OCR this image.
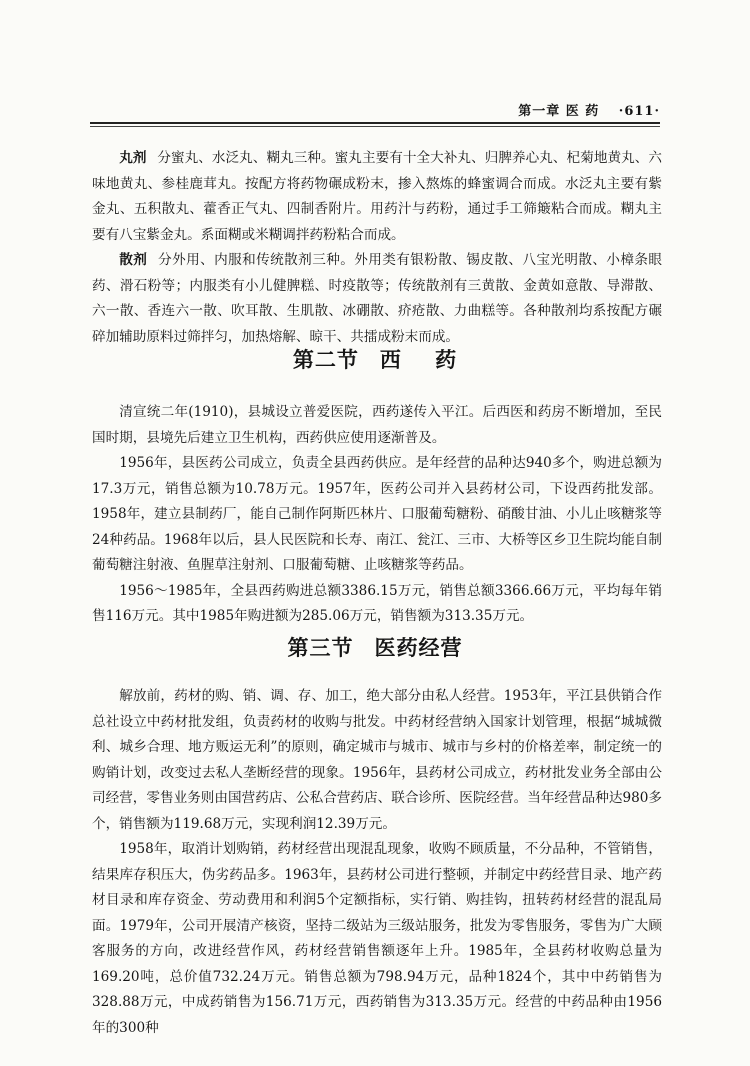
第一章 医 药 ·611·

丸剂 分蜜丸、水泛丸、糊丸三种。蜜丸主要有十全大补丸、归脾养心丸、杞菊地黄丸、六味地黄丸、参桂鹿茸丸。按配方将药物碾成粉末，掺入熬炼的蜂蜜调合而成。水泛丸主要有紫金丸、五积散丸、藿香正气丸、四制香附片。用药汁与药粉，通过手工筛簸粘合而成。糊丸主要有八宝紫金丸。系面糊或米糊调拌药粉粘合而成。

散剂 分外用、内服和传统散剂三种。外用类有银粉散、锡皮散、八宝光明散、小樟条眼药、滑石粉等；内服类有小儿健脾糕、时疫散等；传统散剂有三黄散、金黄如意散、导滞散、六一散、香连六一散、吹耳散、生肌散、冰硼散、疥疮散、力曲糕等。各种散剂均系按配方碾碎加辅助原料过筛拌匀，加热熔解、晾干、共擂成粉末而成。

第二节 西    药

清宣统二年(1910)，县城设立普爱医院，西药遂传入平江。后西医和药房不断增加，至民国时期，县境先后建立卫生机构，西药供应使用逐渐普及。

1956年，县医药公司成立，负责全县西药供应。是年经营的品种达940多个，购进总额为17.3万元，销售总额为10.78万元。1957年，医药公司并入县药材公司，下设西药批发部。1958年，建立县制药厂，能自己制作阿斯匹林片、口服葡萄糖粉、硝酸甘油、小儿止咳糖浆等24种药品。1968年以后，县人民医院和长寿、南江、瓮江、三市、大桥等区乡卫生院均能自制葡萄糖注射液、鱼腥草注射剂、口服葡萄糖、止咳糖浆等药品。

1956～1985年，全县西药购进总额3386.15万元，销售总额3366.66万元，平均每年销售116万元。其中1985年购进额为285.06万元，销售额为313.35万元。

第三节 医药经营

解放前，药材的购、销、调、存、加工，绝大部分由私人经营。1953年，平江县供销合作总社设立中药材批发组，负责药材的收购与批发。中药材经营纳入国家计划管理，根据“城城微利、城乡合理、地方贩运无利”的原则，确定城市与城市、城市与乡村的价格差率，制定统一的购销计划，改变过去私人垄断经营的现象。1956年，县药材公司成立，药材批发业务全部由公司经营，零售业务则由国营药店、公私合营药店、联合诊所、医院经营。当年经营品种达980多个，销售额为119.68万元，实现利润12.39万元。

1958年，取消计划购销，药材经营出现混乱现象，收购不顾质量，不分品种，不管销售，结果库存积压大，伪劣药品多。1963年，县药材公司进行整顿，并制定中药经营目录、地产药材目录和库存资金、劳动费用和利润5个定额指标，实行销、购挂钩，扭转药材经营的混乱局面。1979年，公司开展清产核资，坚持二级站为三级站服务，批发为零售服务，零售为广大顾客服务的方向，改进经营作风，药材经营销售额逐年上升。1985年，全县药材收购总量为169.20吨，总价值732.24万元。销售总额为798.94万元，品种1824个，其中中药销售为328.88万元，中成药销售为156.71万元，西药销售为313.35万元。经营的中药品种由1956年的300种
